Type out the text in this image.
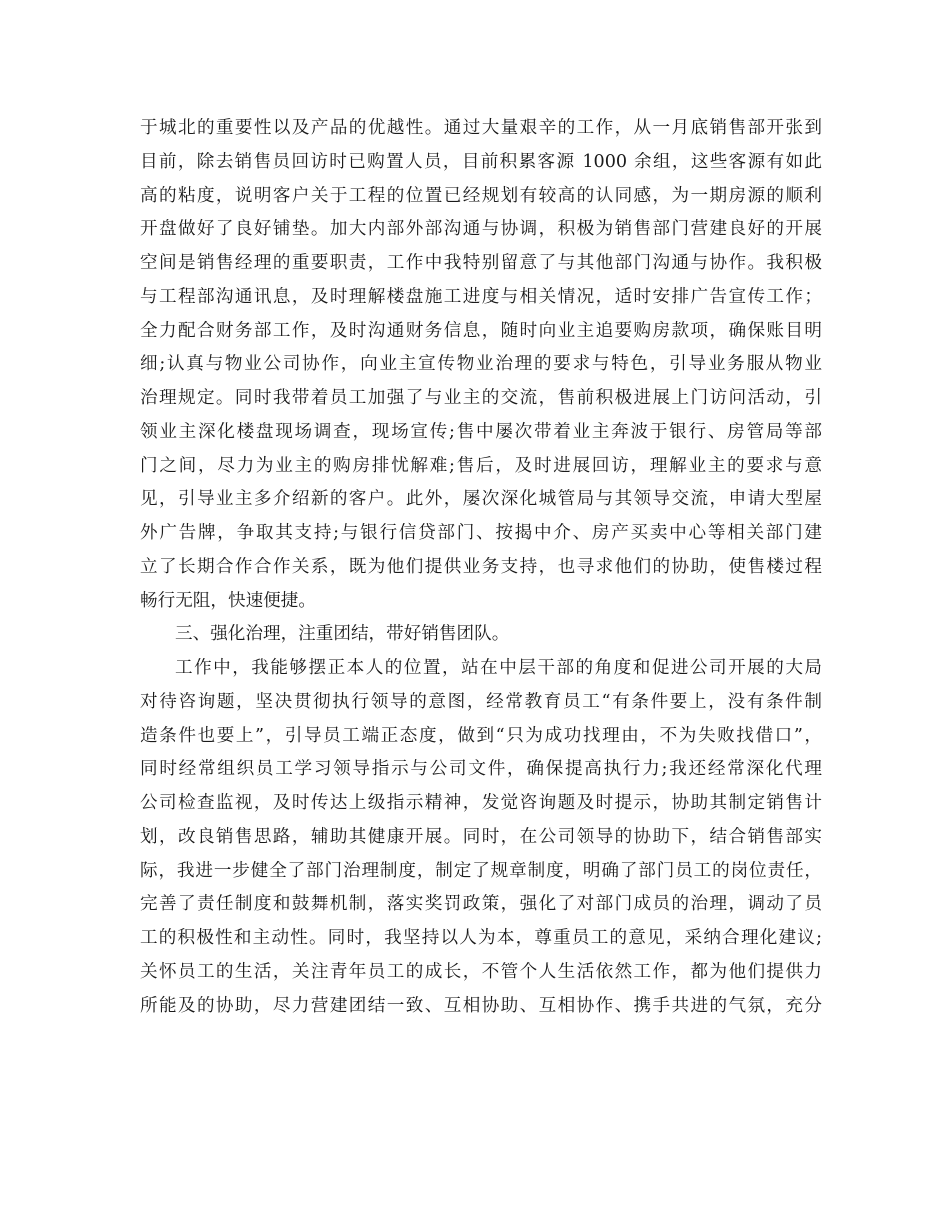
于城北的重要性以及产品的优越性。通过大量艰辛的工作，从一月底销售部开张到
目前，除去销售员回访时已购置人员，目前积累客源 1000 余组，这些客源有如此
高的粘度，说明客户关于工程的位置已经规划有较高的认同感，为一期房源的顺利
开盘做好了良好铺垫。加大内部外部沟通与协调，积极为销售部门营建良好的开展
空间是销售经理的重要职责，工作中我特别留意了与其他部门沟通与协作。我积极
与工程部沟通讯息，及时理解楼盘施工进度与相关情况，适时安排广告宣传工作；
全力配合财务部工作，及时沟通财务信息，随时向业主追要购房款项，确保账目明
细;认真与物业公司协作，向业主宣传物业治理的要求与特色，引导业务服从物业
治理规定。同时我带着员工加强了与业主的交流，售前积极进展上门访问活动，引
领业主深化楼盘现场调查，现场宣传;售中屡次带着业主奔波于银行、房管局等部
门之间，尽力为业主的购房排忧解难;售后，及时进展回访，理解业主的要求与意
见，引导业主多介绍新的客户。此外，屡次深化城管局与其领导交流，申请大型屋
外广告牌，争取其支持;与银行信贷部门、按揭中介、房产买卖中心等相关部门建
立了长期合作合作关系，既为他们提供业务支持，也寻求他们的协助，使售楼过程
畅行无阻，快速便捷。
三、强化治理，注重团结，带好销售团队。
工作中，我能够摆正本人的位置，站在中层干部的角度和促进公司开展的大局
对待咨询题，坚决贯彻执行领导的意图，经常教育员工“有条件要上，没有条件制
造条件也要上”，引导员工端正态度，做到“只为成功找理由，不为失败找借口”，
同时经常组织员工学习领导指示与公司文件，确保提高执行力;我还经常深化代理
公司检查监视，及时传达上级指示精神，发觉咨询题及时提示，协助其制定销售计
划，改良销售思路，辅助其健康开展。同时，在公司领导的协助下，结合销售部实
际，我进一步健全了部门治理制度，制定了规章制度，明确了部门员工的岗位责任，
完善了责任制度和鼓舞机制，落实奖罚政策，强化了对部门成员的治理，调动了员
工的积极性和主动性。同时，我坚持以人为本，尊重员工的意见，采纳合理化建议;
关怀员工的生活，关注青年员工的成长，不管个人生活依然工作，都为他们提供力
所能及的协助，尽力营建团结一致、互相协助、互相协作、携手共进的气氛，充分
